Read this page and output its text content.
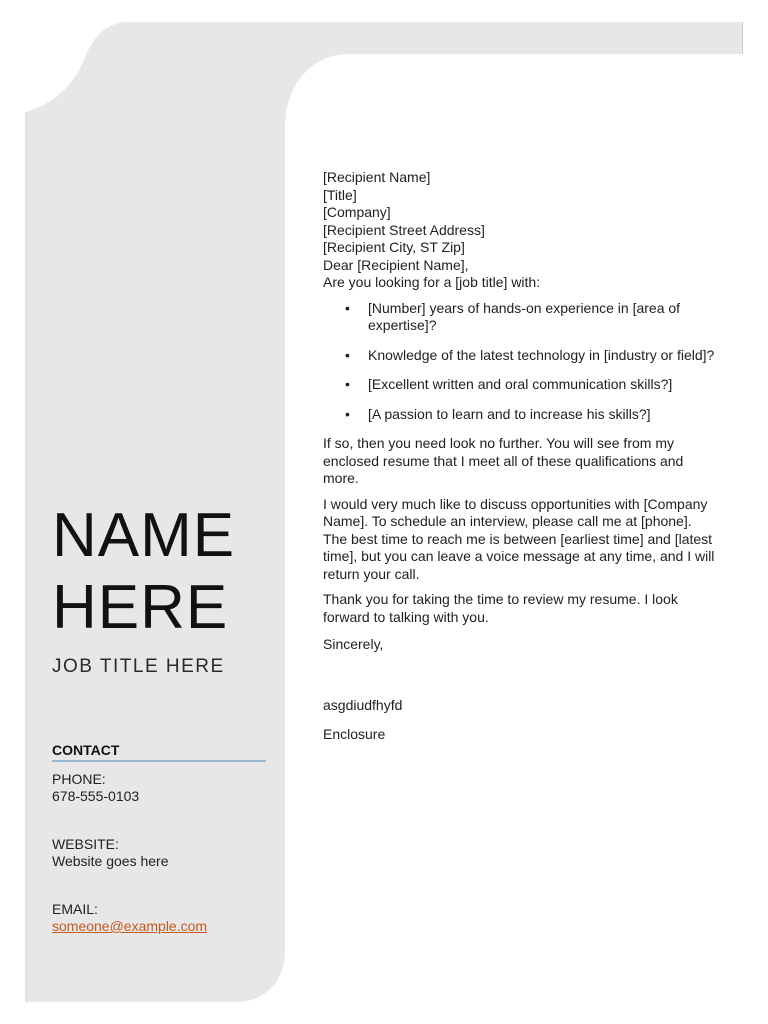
NAME
HERE
JOB TITLE HERE
CONTACT
PHONE:
678-555-0103
WEBSITE:
Website goes here
EMAIL:
someone@example.com

[Recipient Name]
[Title]
[Company]
[Recipient Street Address]
[Recipient City, ST Zip]

Dear [Recipient Name],

Are you looking for a [job title] with:

• [Number] years of hands-on experience in [area of expertise]?
• Knowledge of the latest technology in [industry or field]?
• [Excellent written and oral communication skills?]
• [A passion to learn and to increase his skills?]

If so, then you need look no further. You will see from my enclosed resume that I meet all of these qualifications and more.

I would very much like to discuss opportunities with [Company Name]. To schedule an interview, please call me at [phone]. The best time to reach me is between [earliest time] and [latest time], but you can leave a voice message at any time, and I will return your call.

Thank you for taking the time to review my resume. I look forward to talking with you.

Sincerely,

asgdiudfhyfd

Enclosure
